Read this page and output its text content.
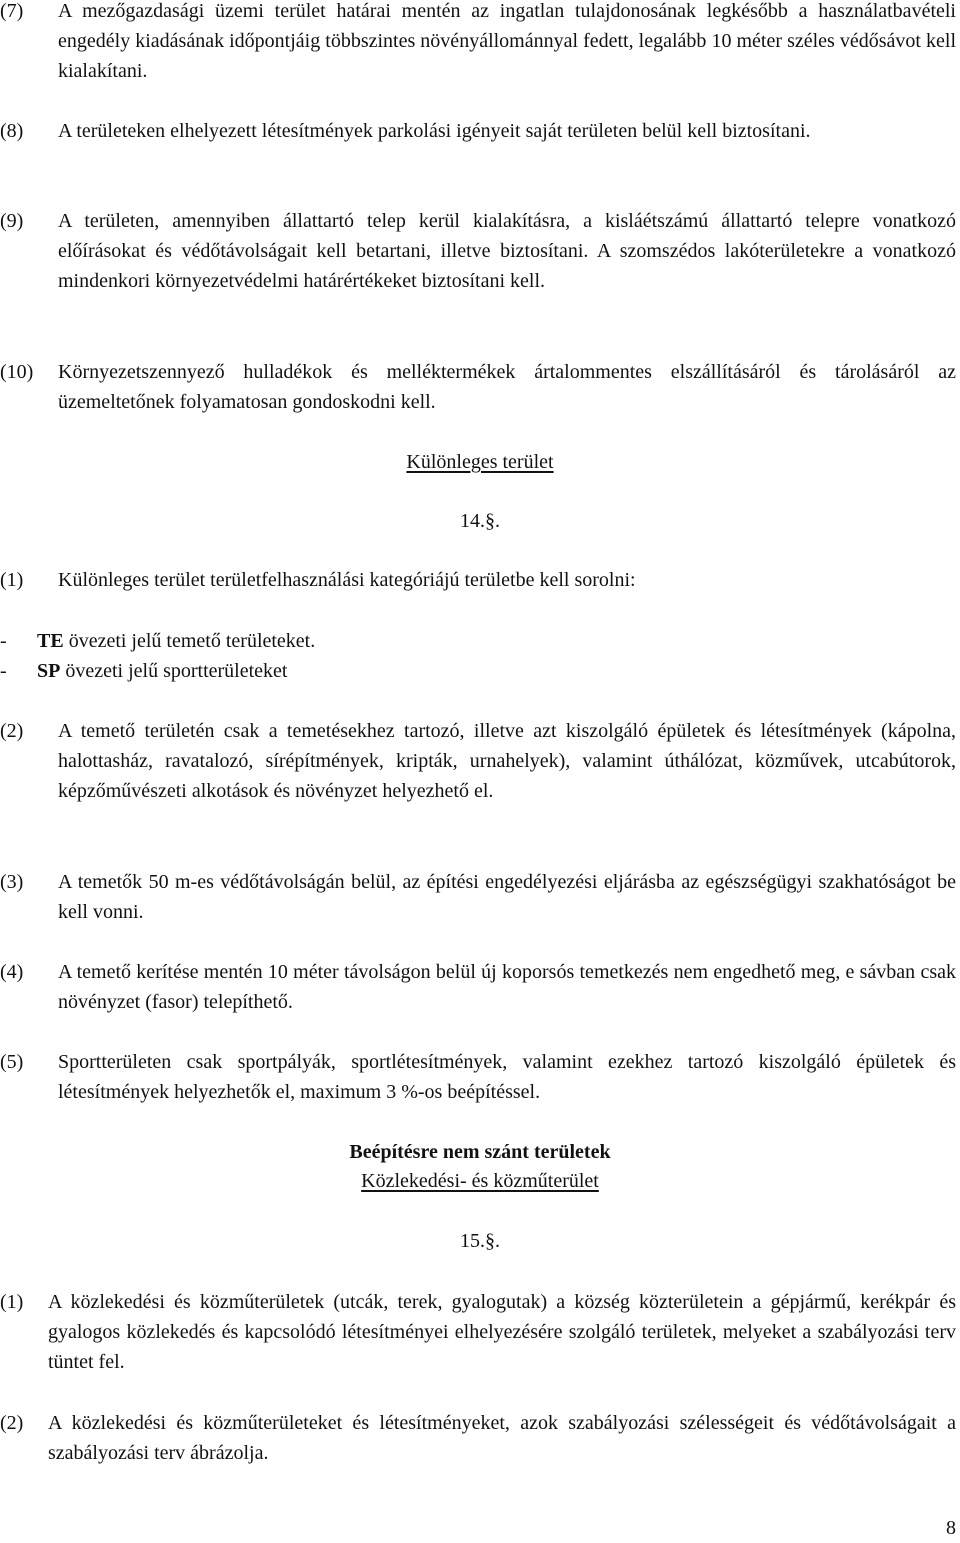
(7) A mezőgazdasági üzemi terület határai mentén az ingatlan tulajdonosának legkésőbb a használatbavételi engedély kiadásának időpontjáig többszintes növényállománnyal fedett, legalább 10 méter széles védősávot kell kialakítani.
(8) A területeken elhelyezett létesítmények parkolási igényeit saját területen belül kell biztosítani.
(9) A területen, amennyiben állattartó telep kerül kialakításra, a kisláétszámú állattartó telepre vonatkozó előírásokat és védőtávolságait kell betartani, illetve biztosítani. A szomszédos lakóterületekre a vonatkozó mindenkori környezetvédelmi határértékeket biztosítani kell.
(10) Környezetszennyező hulladékok és melléktermékek ártalommentes elszállításáról és tárolásáról az üzemeltetőnek folyamatosan gondoskodni kell.
Különleges terület
14.§.
(1) Különleges terület területfelhasználási kategóriájú területbe kell sorolni:
- TE övezeti jelű temető területeket.
- SP övezeti jelű sportterületeket
(2) A temető területén csak a temetésekhez tartozó, illetve azt kiszolgáló épületek és létesítmények (kápolna, halottasház, ravatalozó, sírépítmények, kripták, urnahelyek), valamint úthálózat, közművek, utcabútorok, képzőművészeti alkotások és növényzet helyezhető el.
(3) A temetők 50 m-es védőtávolságán belül, az építési engedélyezési eljárásba az egészségügyi szakhatóságot be kell vonni.
(4) A temető kerítése mentén 10 méter távolságon belül új koporsós temetkezés nem engedhető meg, e sávban csak növényzet (fasor) telepíthető.
(5) Sportterületen csak sportpályák, sportlétesítmények, valamint ezekhez tartozó kiszolgáló épületek és létesítmények helyezhetők el, maximum 3 %-os beépítéssel.
Beépítésre nem szánt területek
Közlekedési- és közműterület
15.§.
(1) A közlekedési és közműterületek (utcák, terek, gyalogutak) a község közterületein a gépjármű, kerékpár és gyalogos közlekedés és kapcsolódó létesítményei elhelyezésére szolgáló területek, melyeket a szabályozási terv tüntet fel.
(2) A közlekedési és közműterületeket és létesítményeket, azok szabályozási szélességeit és védőtávolságait a szabályozási terv ábrázolja.
8
